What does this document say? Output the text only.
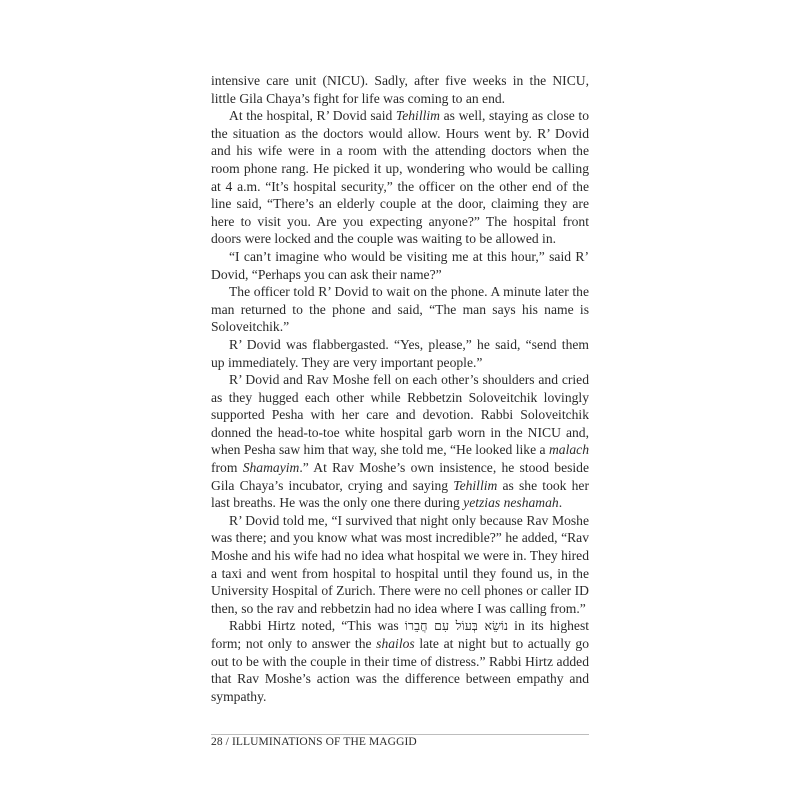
intensive care unit (NICU). Sadly, after five weeks in the NICU, little Gila Chaya’s fight for life was coming to an end.

At the hospital, R’ Dovid said Tehillim as well, staying as close to the situation as the doctors would allow. Hours went by. R’ Dovid and his wife were in a room with the attending doctors when the room phone rang. He picked it up, wondering who would be calling at 4 a.m. “It’s hospital security,” the officer on the other end of the line said, “There’s an elderly couple at the door, claiming they are here to visit you. Are you expecting anyone?” The hospital front doors were locked and the couple was waiting to be allowed in.

“I can’t imagine who would be visiting me at this hour,” said R’ Dovid, “Perhaps you can ask their name?”

The officer told R’ Dovid to wait on the phone. A minute later the man returned to the phone and said, “The man says his name is Soloveitchik.”

R’ Dovid was flabbergasted. “Yes, please,” he said, “send them up immediately. They are very important people.”

R’ Dovid and Rav Moshe fell on each other’s shoulders and cried as they hugged each other while Rebbetzin Soloveitchik lovingly supported Pesha with her care and devotion. Rabbi Soloveitchik donned the head-to-toe white hospital garb worn in the NICU and, when Pesha saw him that way, she told me, “He looked like a malach from Shamayim.” At Rav Moshe’s own insistence, he stood beside Gila Chaya’s incubator, crying and saying Tehillim as she took her last breaths. He was the only one there during yetzias neshamah.

R’ Dovid told me, “I survived that night only because Rav Moshe was there; and you know what was most incredible?” he added, “Rav Moshe and his wife had no idea what hospital we were in. They hired a taxi and went from hospital to hospital until they found us, in the University Hospital of Zurich. There were no cell phones or caller ID then, so the rav and rebbetzin had no idea where I was calling from.”

Rabbi Hirtz noted, “This was נוֹשֵׂא בְּעוֹל עִם חֲבֵרוֹ in its highest form; not only to answer the shailos late at night but to actually go out to be with the couple in their time of distress.” Rabbi Hirtz added that Rav Moshe’s action was the difference between empathy and sympathy.

28 / ILLUMINATIONS OF THE MAGGID
